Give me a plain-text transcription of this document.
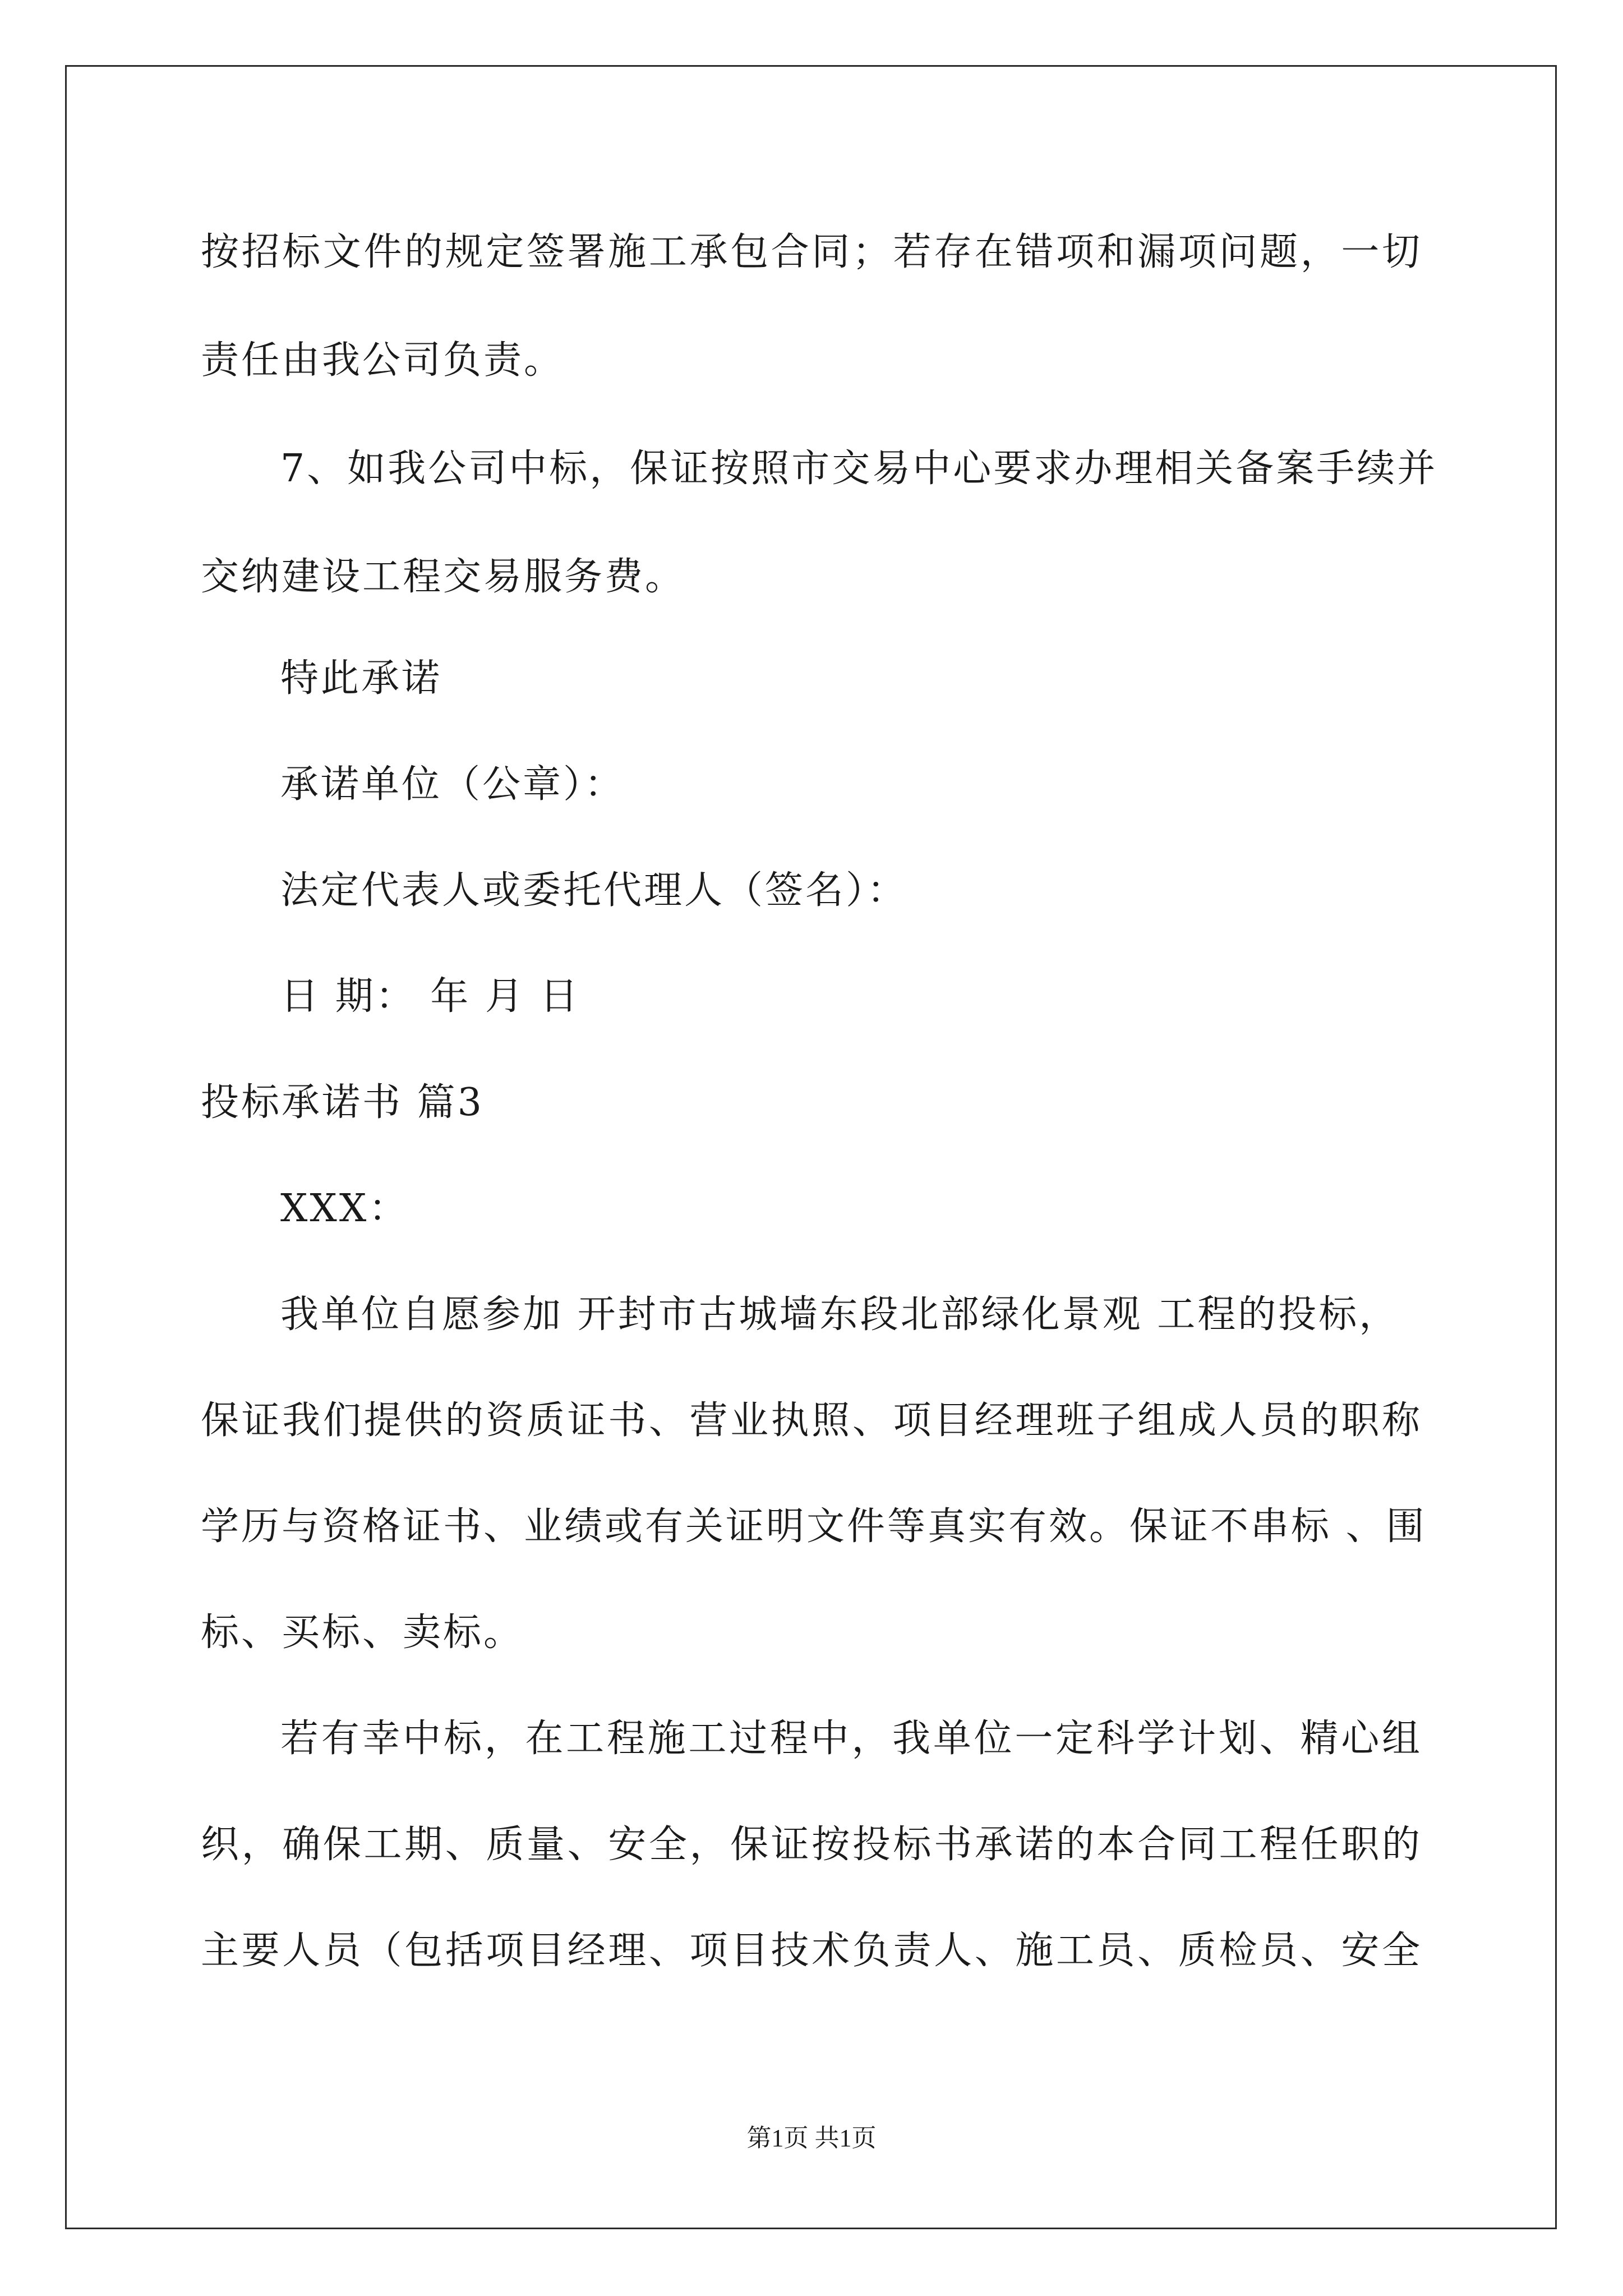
按招标文件的规定签署施工承包合同；若存在错项和漏项问题，一切
责任由我公司负责。
7、如我公司中标，保证按照市交易中心要求办理相关备案手续并
交纳建设工程交易服务费。
特此承诺
承诺单位（公章）：
法定代表人或委托代理人（签名）：
日 期： 年 月 日
投标承诺书 篇3
XXX：
我单位自愿参加 开封市古城墙东段北部绿化景观 工程的投标，
保证我们提供的资质证书、营业执照、项目经理班子组成人员的职称
学历与资格证书、业绩或有关证明文件等真实有效。保证不串标 、围
标、买标、卖标。
若有幸中标，在工程施工过程中，我单位一定科学计划、精心组
织，确保工期、质量、安全，保证按投标书承诺的本合同工程任职的
主要人员（包括项目经理、项目技术负责人、施工员、质检员、安全
第1页 共1页
